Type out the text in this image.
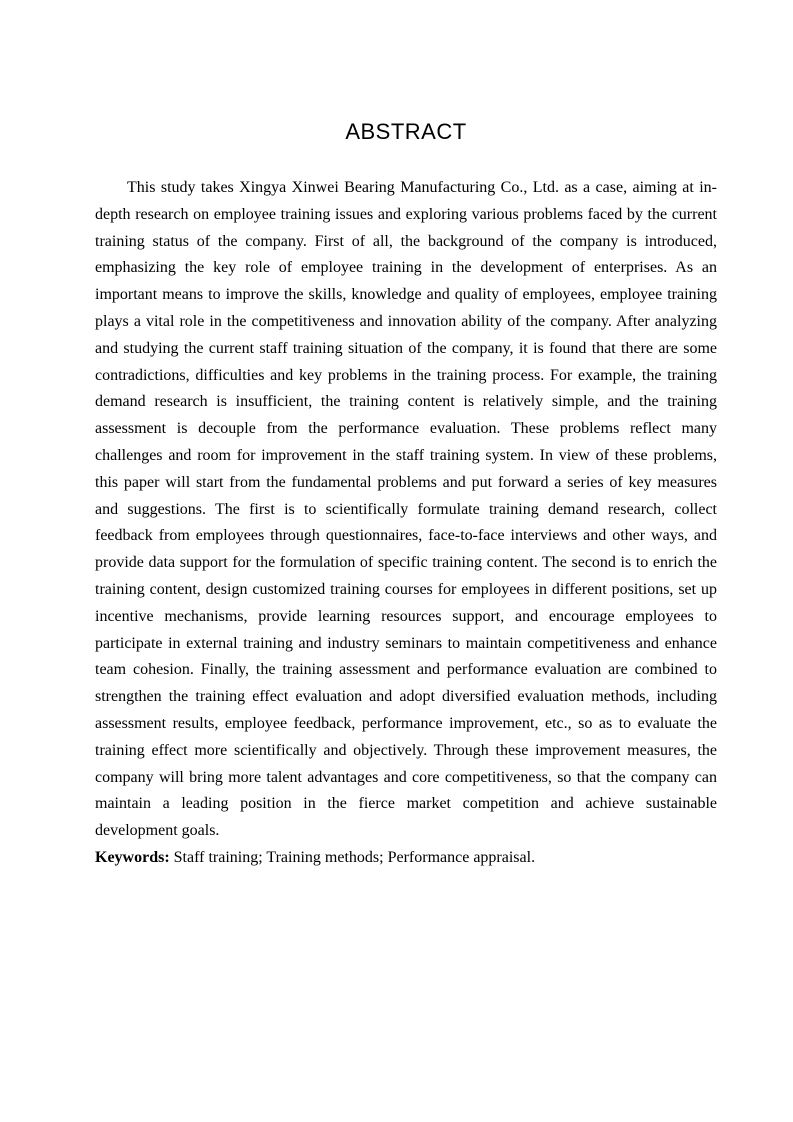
ABSTRACT

This study takes Xingya Xinwei Bearing Manufacturing Co., Ltd. as a case, aiming at in-depth research on employee training issues and exploring various problems faced by the current training status of the company. First of all, the background of the company is introduced, emphasizing the key role of employee training in the development of enterprises. As an important means to improve the skills, knowledge and quality of employees, employee training plays a vital role in the competitiveness and innovation ability of the company. After analyzing and studying the current staff training situation of the company, it is found that there are some contradictions, difficulties and key problems in the training process. For example, the training demand research is insufficient, the training content is relatively simple, and the training assessment is decouple from the performance evaluation. These problems reflect many challenges and room for improvement in the staff training system. In view of these problems, this paper will start from the fundamental problems and put forward a series of key measures and suggestions. The first is to scientifically formulate training demand research, collect feedback from employees through questionnaires, face-to-face interviews and other ways, and provide data support for the formulation of specific training content. The second is to enrich the training content, design customized training courses for employees in different positions, set up incentive mechanisms, provide learning resources support, and encourage employees to participate in external training and industry seminars to maintain competitiveness and enhance team cohesion. Finally, the training assessment and performance evaluation are combined to strengthen the training effect evaluation and adopt diversified evaluation methods, including assessment results, employee feedback, performance improvement, etc., so as to evaluate the training effect more scientifically and objectively. Through these improvement measures, the company will bring more talent advantages and core competitiveness, so that the company can maintain a leading position in the fierce market competition and achieve sustainable development goals.

Keywords: Staff training; Training methods; Performance appraisal.
